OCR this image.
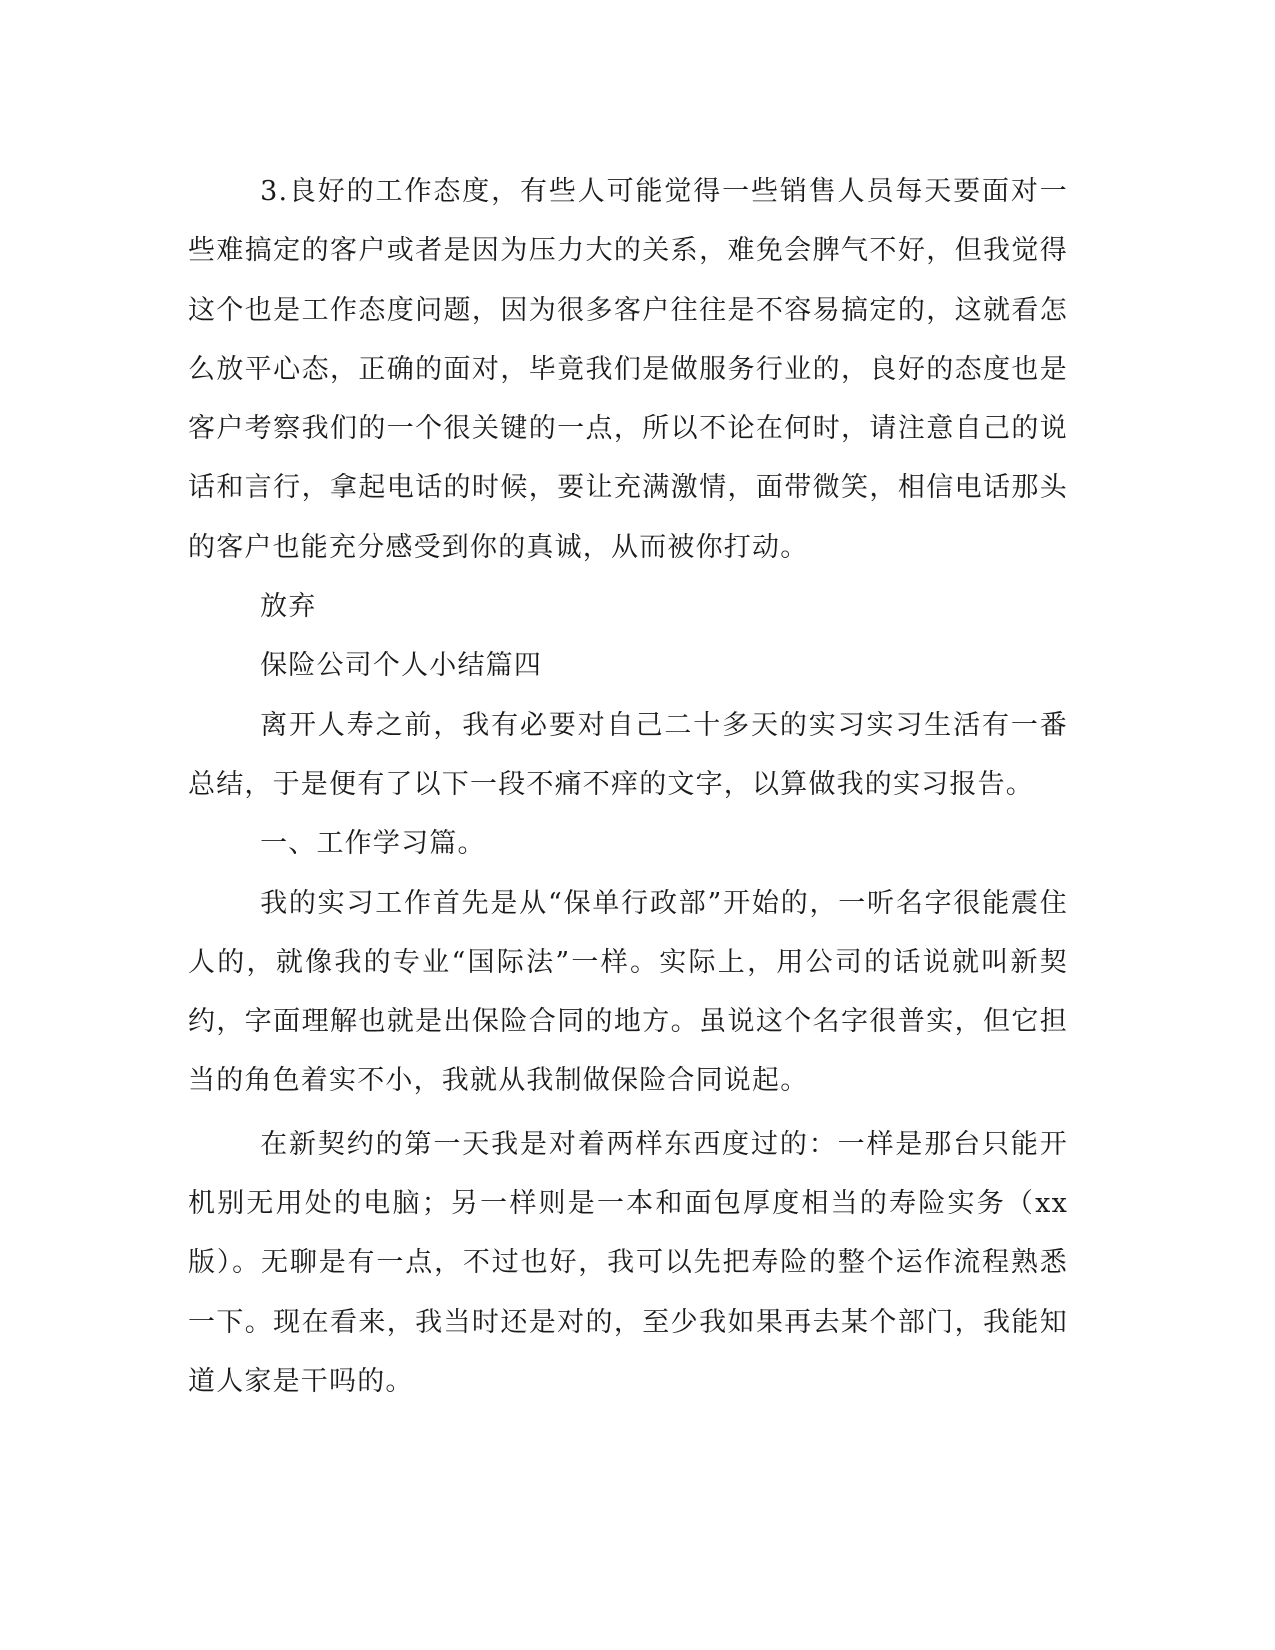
3.良好的工作态度，有些人可能觉得一些销售人员每天要面对一些难搞定的客户或者是因为压力大的关系，难免会脾气不好，但我觉得这个也是工作态度问题，因为很多客户往往是不容易搞定的，这就看怎么放平心态，正确的面对，毕竟我们是做服务行业的，良好的态度也是客户考察我们的一个很关键的一点，所以不论在何时，请注意自己的说话和言行，拿起电话的时候，要让充满激情，面带微笑，相信电话那头的客户也能充分感受到你的真诚，从而被你打动。

放弃

保险公司个人小结篇四

离开人寿之前，我有必要对自己二十多天的实习实习生活有一番总结，于是便有了以下一段不痛不痒的文字，以算做我的实习报告。

一、工作学习篇。

我的实习工作首先是从“保单行政部”开始的，一听名字很能震住人的，就像我的专业“国际法”一样。实际上，用公司的话说就叫新契约，字面理解也就是出保险合同的地方。虽说这个名字很普实，但它担当的角色着实不小，我就从我制做保险合同说起。

在新契约的第一天我是对着两样东西度过的：一样是那台只能开机别无用处的电脑；另一样则是一本和面包厚度相当的寿险实务（xx版）。无聊是有一点，不过也好，我可以先把寿险的整个运作流程熟悉一下。现在看来，我当时还是对的，至少我如果再去某个部门，我能知道人家是干吗的。
